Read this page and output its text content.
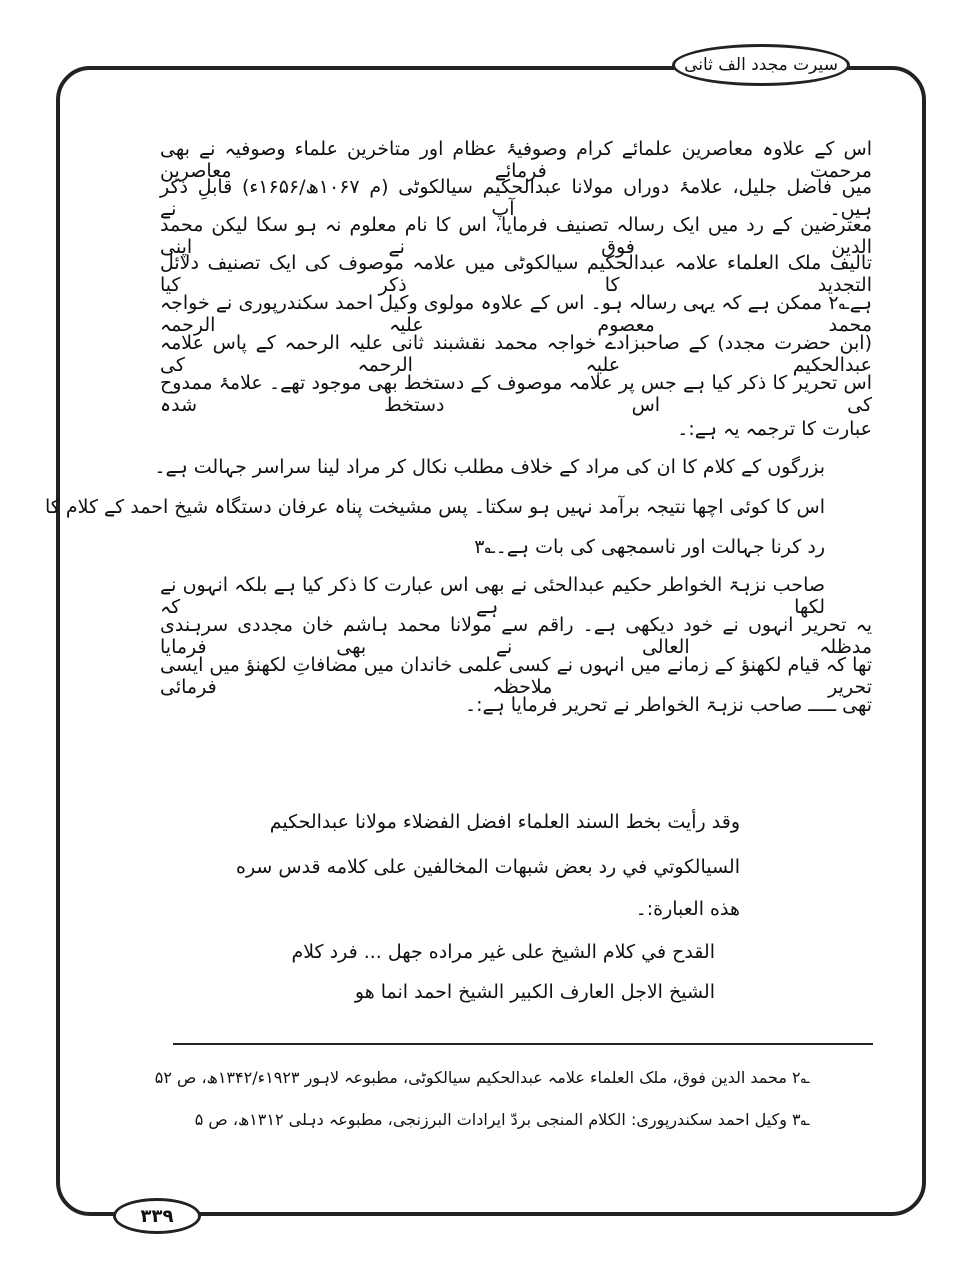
سیرت مجدد الف ثانی
اس کے علاوہ معاصرین علمائے کرام وصوفیۂ عظام اور متاخرین علماء وصوفیہ نے بھی مرحمت فرمائے معاصرین
میں فاضل جلیل، علامۂ دوراں مولانا عبدالحکیم سیالکوٹی (م ۱۰۶۷ھ/۱۶۵۶ء) قابلِ ذکر ہیں۔ آپ نے
معترضین کے رد میں ایک رسالہ تصنیف فرمایا، اس کا نام معلوم نہ ہو سکا لیکن محمد الدین فوق نے اپنی
تالیف ملک العلماء علامہ عبدالحکیم سیالکوٹی میں علامہ موصوف کی ایک تصنیف دلائل التجدید کا ذکر کیا
ہے؎۲ ممکن ہے کہ یہی رسالہ ہو۔ اس کے علاوہ مولوی وکیل احمد سکندرپوری نے خواجہ محمد معصوم علیہ الرحمہ
(ابن حضرت مجدد) کے صاحبزادے خواجہ محمد نقشبند ثانی علیہ الرحمہ کے پاس علامہ عبدالحکیم علیہ الرحمہ کی
اس تحریر کا ذکر کیا ہے جس پر علامہ موصوف کے دستخط بھی موجود تھے۔ علامۂ ممدوح کی اس دستخط شدہ
عبارت کا ترجمہ یہ ہے:۔
بزرگوں کے کلام کا ان کی مراد کے خلاف مطلب نکال کر مراد لینا سراسر جہالت ہے۔
اس کا کوئی اچھا نتیجہ برآمد نہیں ہو سکتا۔ پس مشیخت پناہ عرفان دستگاہ شیخ احمد کے کلام کا
رد کرنا جہالت اور ناسمجھی کی بات ہے۔؎۳
صاحب نزہۃ الخواطر حکیم عبدالحئی نے بھی اس عبارت کا ذکر کیا ہے بلکہ انہوں نے لکھا ہے کہ
یہ تحریر انہوں نے خود دیکھی ہے۔ راقم سے مولانا محمد ہاشم خان مجددی سرہندی مدظلہ العالی نے بھی فرمایا
تھا کہ قیام لکھنؤ کے زمانے میں انہوں نے کسی علمی خاندان میں مضافاتِ لکھنؤ میں ایسی تحریر ملاحظہ فرمائی
تھی ـــــ صاحب نزہۃ الخواطر نے تحریر فرمایا ہے:۔
وقد رأيت بخط السند العلماء افضل الفضلاء مولانا عبدالحكيم
السيالكوتي في رد بعض شبهات المخالفين على كلامه قدس سره
هذه العبارة:۔
القدح في كلام الشيخ على غير مراده جهل ... فرد كلام
الشيخ الاجل العارف الكبير الشيخ احمد انما هو
؎۲ محمد الدین فوق، ملک العلماء علامہ عبدالحکیم سیالکوٹی، مطبوعہ لاہور ۱۹۲۳ء/۱۳۴۲ھ، ص ۵۲
؎۳ وکیل احمد سکندرپوری: الکلام المنجی بردّ ایرادات البرزنجی، مطبوعہ دہلی ۱۳۱۲ھ، ص ۵
۳۳۹
